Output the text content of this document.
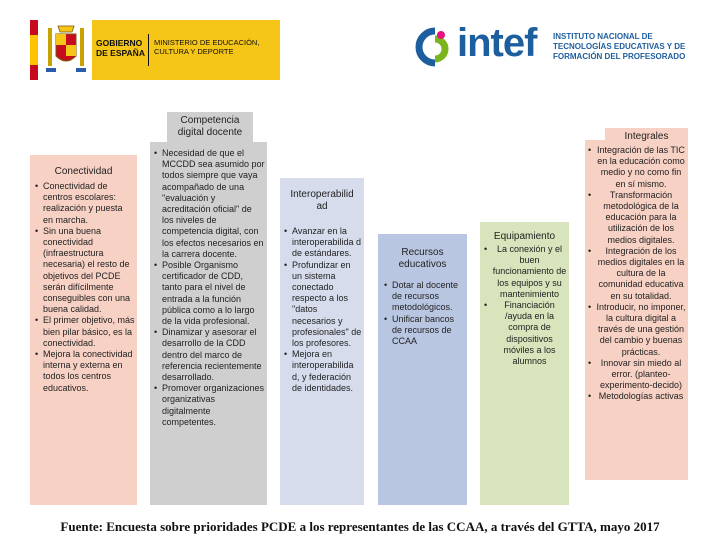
GOBIERNO DE ESPAÑA
MINISTERIO DE EDUCACIÓN, CULTURA Y DEPORTE	intef INSTITUTO NACIONAL DE TECNOLOGÍAS EDUCATIVAS Y DE FORMACIÓN DEL PROFESORADO
Conectividad
• Conectividad de centros escolares: realización y puesta en marcha.
• Sin una buena conectividad (infraestructura necesaria) el resto de objetivos del PCDE serán difícilmente conseguibles con una buena calidad.
• El primer objetivo, más bien pilar básico, es la conectividad.
• Mejora la conectividad interna y externa en todos los centros educativos.
Competencia digital docente
• Necesidad de que el MCCDD sea asumido por todos siempre que vaya acompañado de una "evaluación y acreditación oficial" de los niveles de competencia digital, con los efectos necesarios en la carrera docente.
• Posible Organismo certificador de CDD, tanto para el nivel de entrada a la función pública como a lo largo de la vida profesional.
• Dinamizar y asesorar el desarrollo de la CDD dentro del marco de referencia recientemente desarrollado.
• Promover organizaciones organizativas digitalmente competentes.
Interoperabilid ad
• Avanzar en la interoperabilida d de estándares.
• Profundizar en un sistema conectado respecto a los "datos necesarios y profesionales" de los profesores.
• Mejora en interoperabilida d, y federación de identidades.
Recursos educativos
• Dotar al docente de recursos metodológicos.
• Unificar bancos de recursos de CCAA
Equipamiento
• La conexión y el buen funcionamiento de los equipos y su mantenimiento
• Financiación /ayuda en la compra de dispositivos móviles a los alumnos
Integrales
• Integración de las TIC en la educación como medio y no como fin en sí mismo.
• Transformación metodológica de la educación para la utilización de los medios digitales.
• Integración de los medios digitales en la cultura de la comunidad educativa en su totalidad.
• Introducir, no imponer, la cultura digital a través de una gestión del cambio y buenas prácticas.
• Innovar sin miedo al error. (planteo-experimento-decido)
• Metodologías activas
Fuente: Encuesta sobre prioridades PCDE a los representantes de las CCAA, a través del GTTA, mayo 2017
